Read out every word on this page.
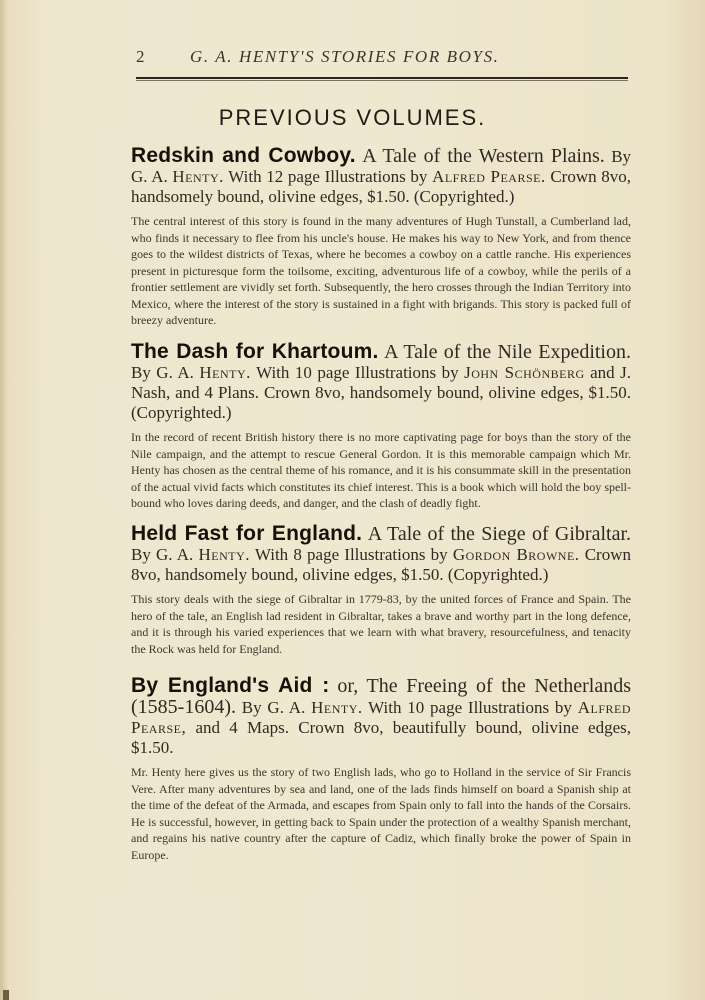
2	G. A. HENTY'S STORIES FOR BOYS.
PREVIOUS VOLUMES.
Redskin and Cowboy. A Tale of the Western Plains. By G. A. Henty. With 12 page Illustrations by Alfred Pearse. Crown 8vo, handsomely bound, olivine edges, $1.50. (Copyrighted.)
The central interest of this story is found in the many adventures of Hugh Tunstall, a Cumberland lad, who finds it necessary to flee from his uncle's house. He makes his way to New York, and from thence goes to the wildest districts of Texas, where he becomes a cowboy on a cattle ranche. His experiences present in picturesque form the toilsome, exciting, adventurous life of a cowboy, while the perils of a frontier settlement are vividly set forth. Subsequently, the hero crosses through the Indian Territory into Mexico, where the interest of the story is sustained in a fight with brigands. This story is packed full of breezy adventure.
The Dash for Khartoum. A Tale of the Nile Expedition. By G. A. Henty. With 10 page Illustrations by John Schönberg and J. Nash, and 4 Plans. Crown 8vo, handsomely bound, olivine edges, $1.50. (Copyrighted.)
In the record of recent British history there is no more captivating page for boys than the story of the Nile campaign, and the attempt to rescue General Gordon. It is this memorable campaign which Mr. Henty has chosen as the central theme of his romance, and it is his consummate skill in the presentation of the actual vivid facts which constitutes its chief interest. This is a book which will hold the boy spell-bound who loves daring deeds, and danger, and the clash of deadly fight.
Held Fast for England. A Tale of the Siege of Gibraltar. By G. A. Henty. With 8 page Illustrations by Gordon Browne. Crown 8vo, handsomely bound, olivine edges, $1.50. (Copyrighted.)
This story deals with the siege of Gibraltar in 1779-83, by the united forces of France and Spain. The hero of the tale, an English lad resident in Gibraltar, takes a brave and worthy part in the long defence, and it is through his varied experiences that we learn with what bravery, resourcefulness, and tenacity the Rock was held for England.
By England's Aid : or, The Freeing of the Netherlands (1585-1604). By G. A. Henty. With 10 page Illustrations by Alfred Pearse, and 4 Maps. Crown 8vo, beautifully bound, olivine edges, $1.50.
Mr. Henty here gives us the story of two English lads, who go to Holland in the service of Sir Francis Vere. After many adventures by sea and land, one of the lads finds himself on board a Spanish ship at the time of the defeat of the Armada, and escapes from Spain only to fall into the hands of the Corsairs. He is successful, however, in getting back to Spain under the protection of a wealthy Spanish merchant, and regains his native country after the capture of Cadiz, which finally broke the power of Spain in Europe.
